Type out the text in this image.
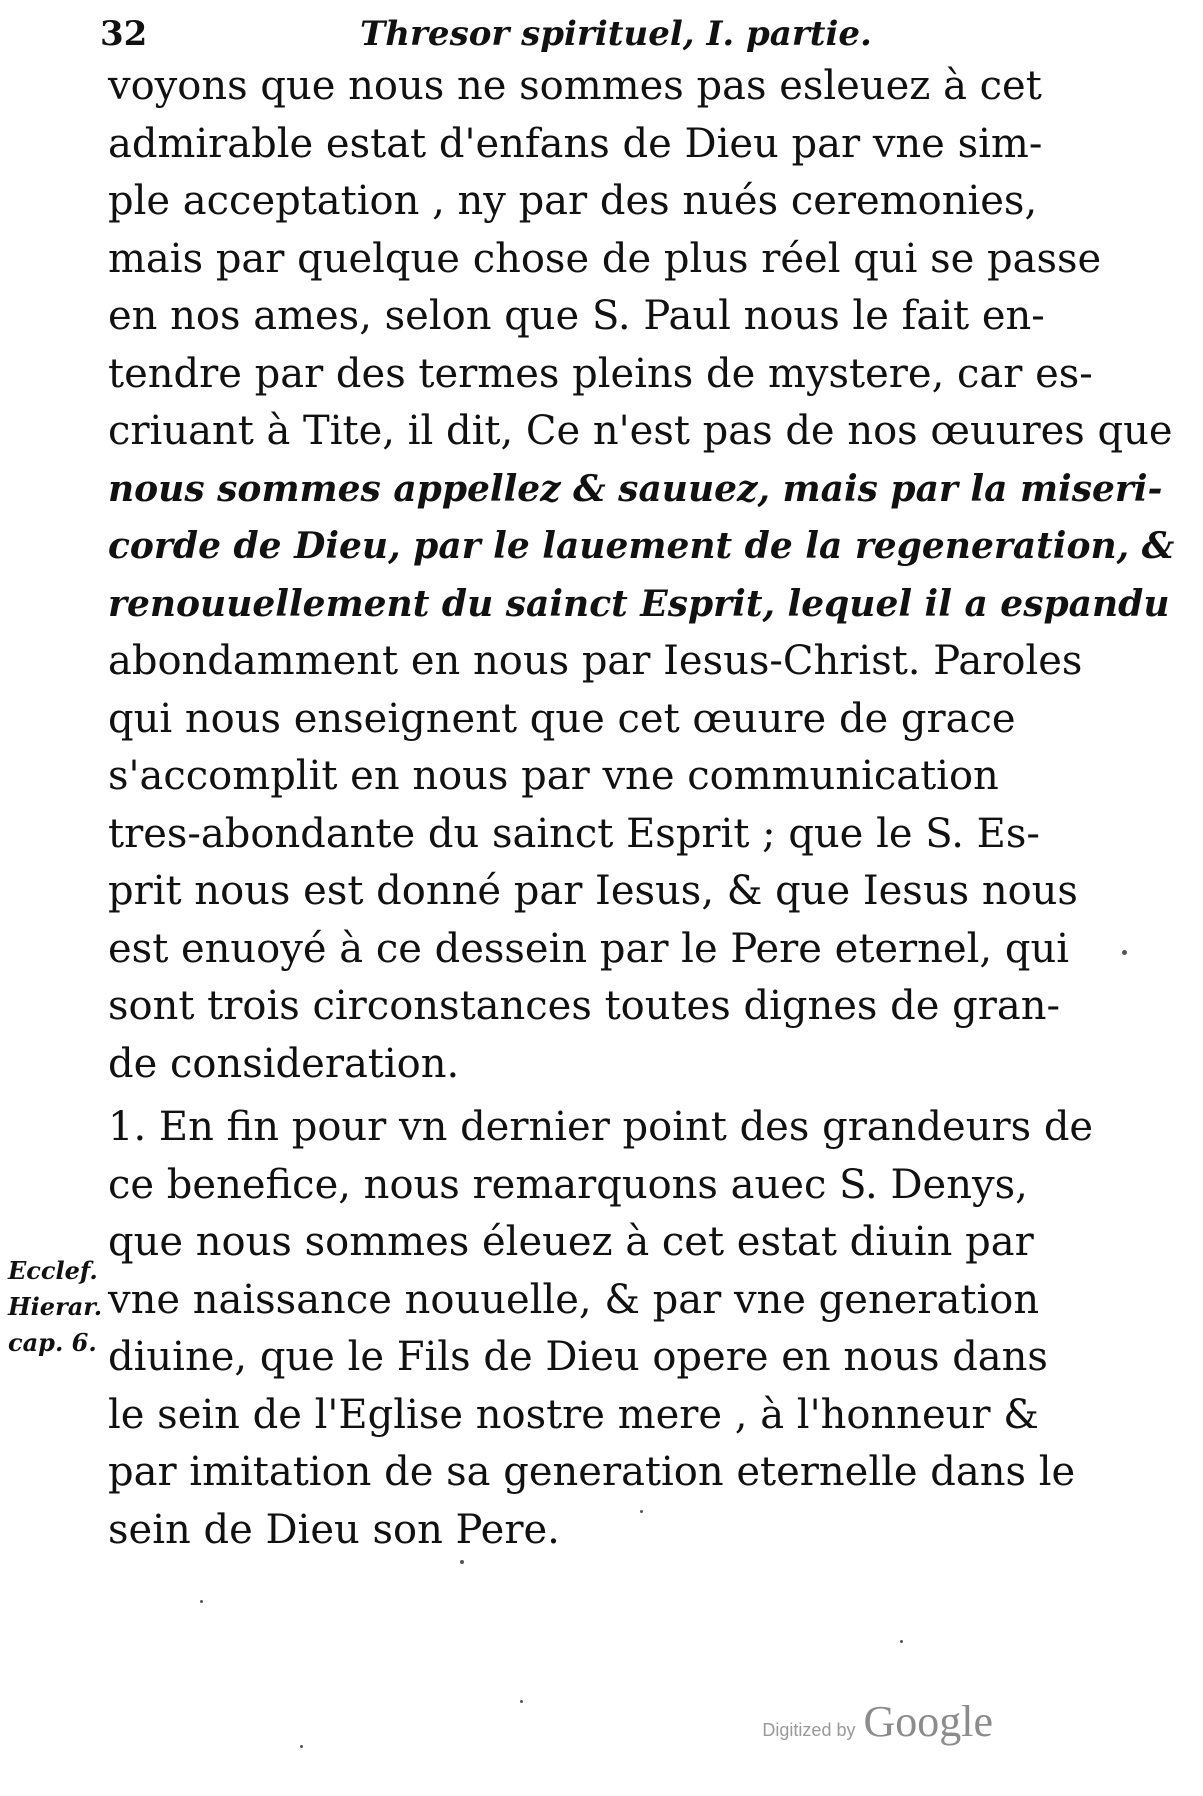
32	Thresor spirituel, I. partie.
voyons que nous ne sommes pas esleuez à cet
admirable estat d'enfans de Dieu par vne sim-
ple acceptation , ny par des nués ceremonies,
mais par quelque chose de plus réel qui se passe
en nos ames, selon que S. Paul nous le fait en-
tendre par des termes pleins de mystere, car es-
criuant à Tite, il dit, Ce n'est pas de nos œuures que
nous sommes appellez & sauuez, mais par la miseri-
corde de Dieu, par le lauement de la regeneration, &
renouuellement du sainct Esprit, lequel il a espandu
abondamment en nous par Iesus-Christ. Paroles
qui nous enseignent que cet œuure de grace
s'accomplit en nous par vne communication
tres-abondante du sainct Esprit ; que le S. Es-
prit nous est donné par Iesus, & que Iesus nous
est enuoyé à ce dessein par le Pere eternel, qui
sont trois circonstances toutes dignes de gran-
de consideration.
1. En fin pour vn dernier point des grandeurs de
ce benefice, nous remarquons auec S. Denys,
que nous sommes éleuez à cet estat diuin par
vne naissance nouuelle, & par vne generation
diuine, que le Fils de Dieu opere en nous dans
le sein de l'Eglise nostre mere , à l'honneur &
par imitation de sa generation eternelle dans le
sein de Dieu son Pere.
Ecclef.
Hierar.
cap. 6.
Digitized by Google
